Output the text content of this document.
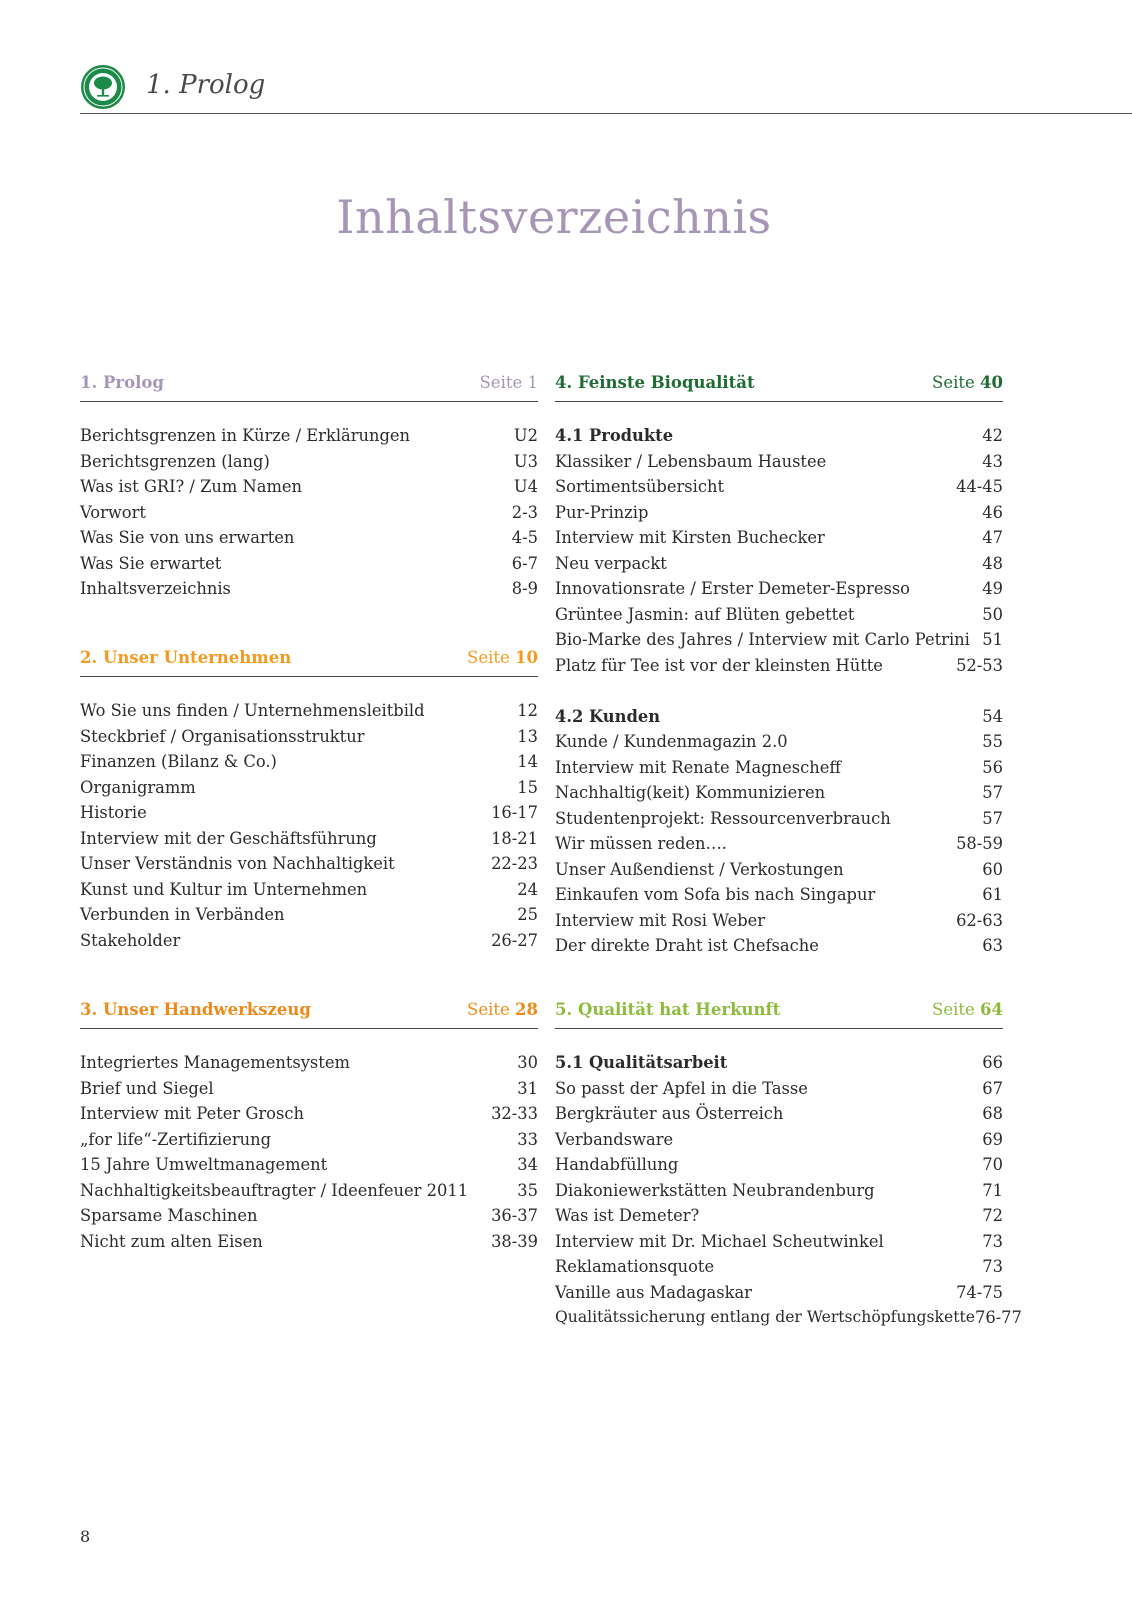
1. Prolog
Inhaltsverzeichnis
1. Prolog	Seite 1
Berichtsgrenzen in Kürze / Erklärungen	U2
Berichtsgrenzen (lang)	U3
Was ist GRI? / Zum Namen	U4
Vorwort	2-3
Was Sie von uns erwarten	4-5
Was Sie erwartet	6-7
Inhaltsverzeichnis	8-9
2. Unser Unternehmen	Seite 10
Wo Sie uns finden / Unternehmensleitbild	12
Steckbrief / Organisationsstruktur	13
Finanzen (Bilanz & Co.)	14
Organigramm	15
Historie	16-17
Interview mit der Geschäftsführung	18-21
Unser Verständnis von Nachhaltigkeit	22-23
Kunst und Kultur im Unternehmen	24
Verbunden in Verbänden	25
Stakeholder	26-27
3. Unser Handwerkszeug	Seite 28
Integriertes Managementsystem	30
Brief und Siegel	31
Interview mit Peter Grosch	32-33
„for life“-Zertifizierung	33
15 Jahre Umweltmanagement	34
Nachhaltigkeitsbeauftragter / Ideenfeuer 2011	35
Sparsame Maschinen	36-37
Nicht zum alten Eisen	38-39
4. Feinste Bioqualität	Seite 40
4.1 Produkte	42
Klassiker / Lebensbaum Haustee	43
Sortimentsübersicht	44-45
Pur-Prinzip	46
Interview mit Kirsten Buchecker	47
Neu verpackt	48
Innovationsrate / Erster Demeter-Espresso	49
Grüntee Jasmin: auf Blüten gebettet	50
Bio-Marke des Jahres / Interview mit Carlo Petrini 51
Platz für Tee ist vor der kleinsten Hütte	52-53
4.2 Kunden	54
Kunde / Kundenmagazin 2.0	55
Interview mit Renate Magnescheff	56
Nachhaltig(keit) Kommunizieren	57
Studentenprojekt: Ressourcenverbrauch	57
Wir müssen reden….	58-59
Unser Außendienst / Verkostungen	60
Einkaufen vom Sofa bis nach Singapur	61
Interview mit Rosi Weber	62-63
Der direkte Draht ist Chefsache	63
5. Qualität hat Herkunft	Seite 64
5.1 Qualitätsarbeit	66
So passt der Apfel in die Tasse	67
Bergkräuter aus Österreich	68
Verbandsware	69
Handabfüllung	70
Diakoniewerkstätten Neubrandenburg	71
Was ist Demeter?	72
Interview mit Dr. Michael Scheutwinkel	73
Reklamationsquote	73
Vanille aus Madagaskar	74-75
Qualitätssicherung entlang der Wertschöpfungskette 76-77
8
